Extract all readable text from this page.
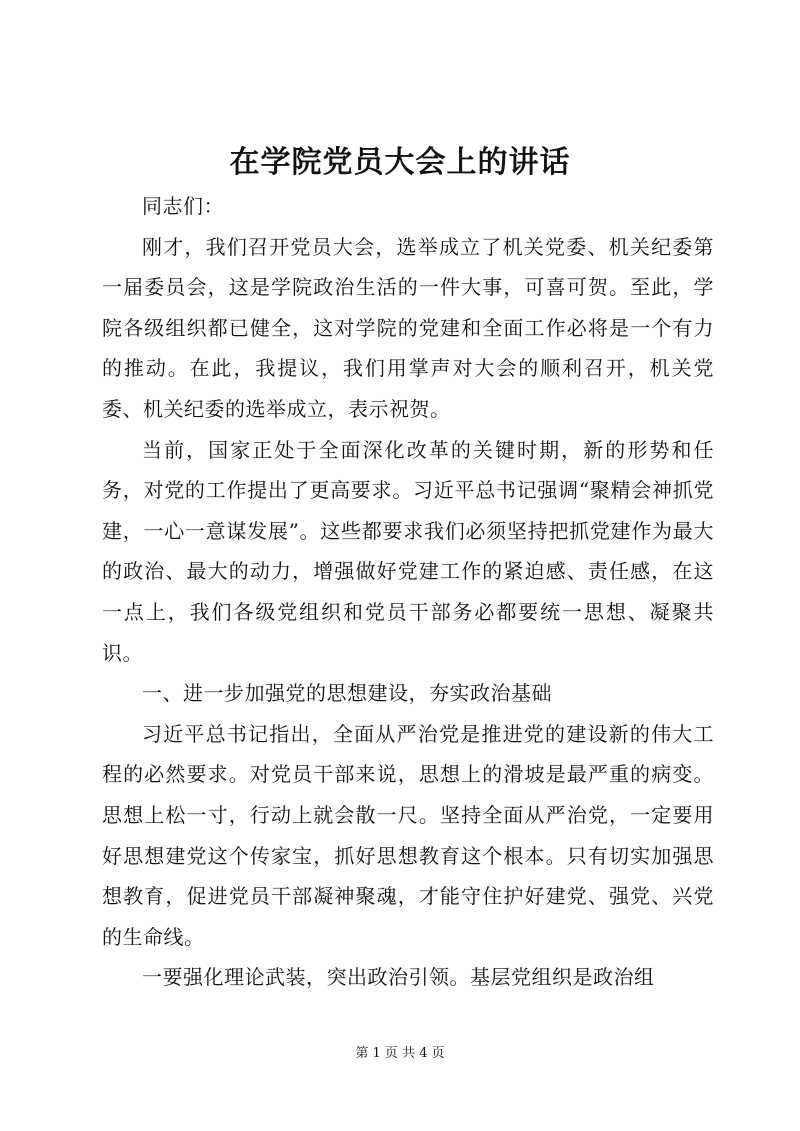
在学院党员大会上的讲话

同志们：

刚才，我们召开党员大会，选举成立了机关党委、机关纪委第一届委员会，这是学院政治生活的一件大事，可喜可贺。至此，学院各级组织都已健全，这对学院的党建和全面工作必将是一个有力的推动。在此，我提议，我们用掌声对大会的顺利召开，机关党委、机关纪委的选举成立，表示祝贺。

当前，国家正处于全面深化改革的关键时期，新的形势和任务，对党的工作提出了更高要求。习近平总书记强调“聚精会神抓党建，一心一意谋发展”。这些都要求我们必须坚持把抓党建作为最大的政治、最大的动力，增强做好党建工作的紧迫感、责任感，在这一点上，我们各级党组织和党员干部务必都要统一思想、凝聚共识。

一、进一步加强党的思想建设，夯实政治基础

习近平总书记指出，全面从严治党是推进党的建设新的伟大工程的必然要求。对党员干部来说，思想上的滑坡是最严重的病变。思想上松一寸，行动上就会散一尺。坚持全面从严治党，一定要用好思想建党这个传家宝，抓好思想教育这个根本。只有切实加强思想教育，促进党员干部凝神聚魂，才能守住护好建党、强党、兴党的生命线。

一要强化理论武装，突出政治引领。基层党组织是政治组

第 1 页 共 4 页
